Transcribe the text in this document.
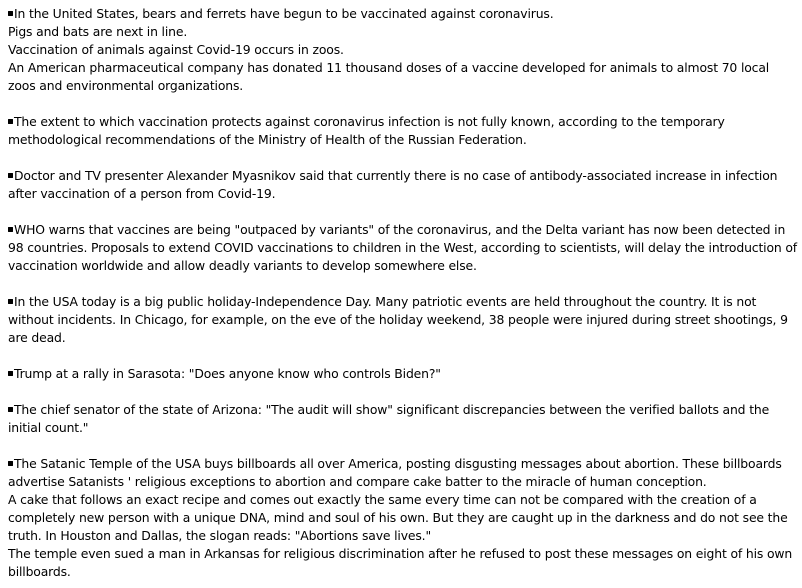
In the United States, bears and ferrets have begun to be vaccinated against coronavirus.
Pigs and bats are next in line.
Vaccination of animals against Covid-19 occurs in zoos.
An American pharmaceutical company has donated 11 thousand doses of a vaccine developed for animals to almost 70 local zoos and environmental organizations.
The extent to which vaccination protects against coronavirus infection is not fully known, according to the temporary methodological recommendations of the Ministry of Health of the Russian Federation.
Doctor and TV presenter Alexander Myasnikov said that currently there is no case of antibody-associated increase in infection after vaccination of a person from Covid-19.
WHO warns that vaccines are being "outpaced by variants" of the coronavirus, and the Delta variant has now been detected in 98 countries. Proposals to extend COVID vaccinations to children in the West, according to scientists, will delay the introduction of vaccination worldwide and allow deadly variants to develop somewhere else.
In the USA today is a big public holiday-Independence Day. Many patriotic events are held throughout the country. It is not without incidents. In Chicago, for example, on the eve of the holiday weekend, 38 people were injured during street shootings, 9 are dead.
Trump at a rally in Sarasota: "Does anyone know who controls Biden?"
The chief senator of the state of Arizona: "The audit will show" significant discrepancies between the verified ballots and the initial count."
The Satanic Temple of the USA buys billboards all over America, posting disgusting messages about abortion. These billboards advertise Satanists ' religious exceptions to abortion and compare cake batter to the miracle of human conception.
A cake that follows an exact recipe and comes out exactly the same every time can not be compared with the creation of a completely new person with a unique DNA, mind and soul of his own. But they are caught up in the darkness and do not see the truth. In Houston and Dallas, the slogan reads: "Abortions save lives."
The temple even sued a man in Arkansas for religious discrimination after he refused to post these messages on eight of his own billboards.
